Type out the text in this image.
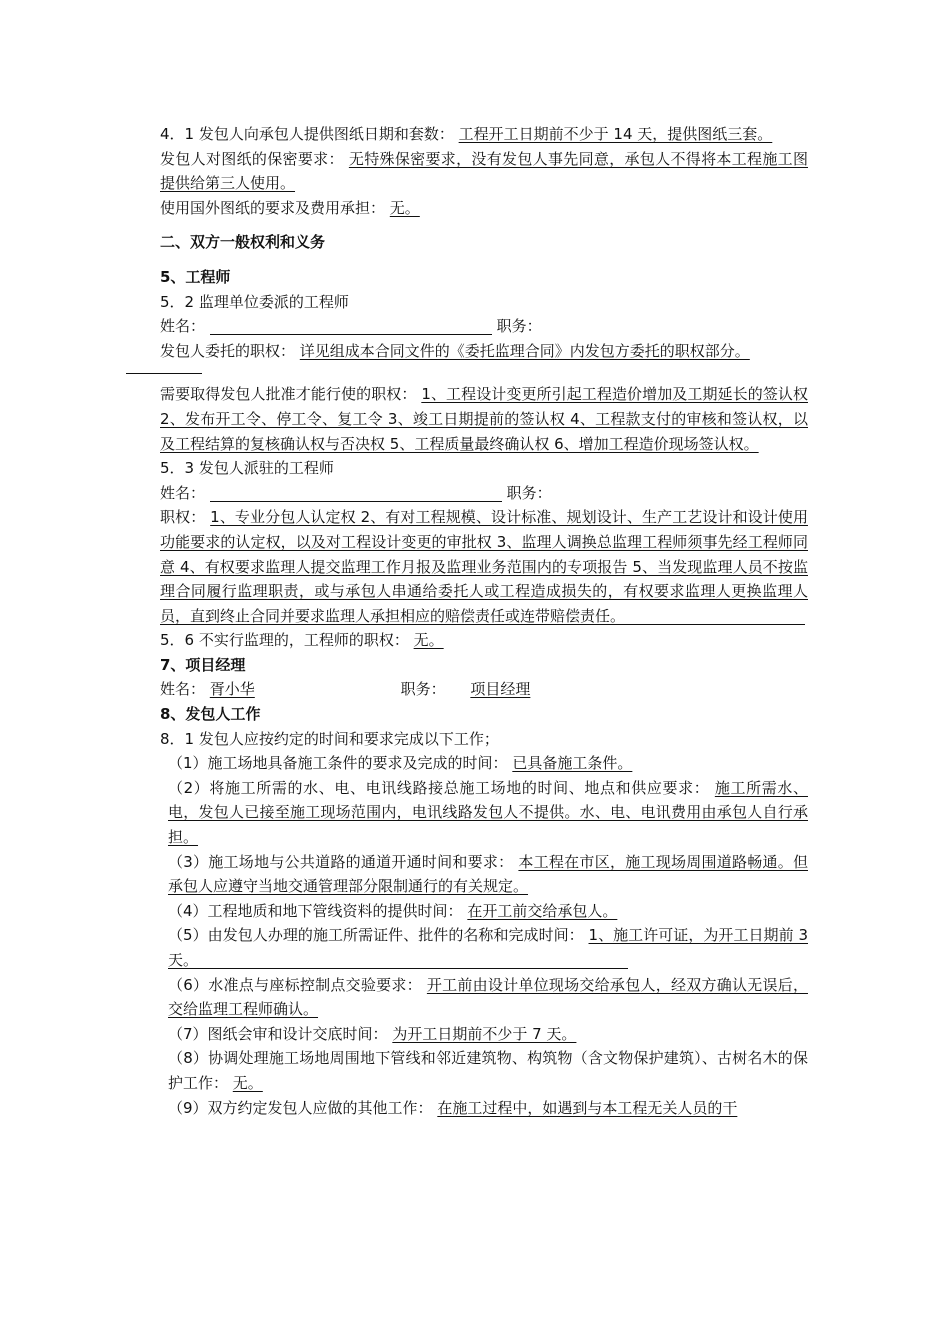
4．1 发包人向承包人提供图纸日期和套数： 工程开工日期前不少于 14 天，提供图纸三套。

发包人对图纸的保密要求： 无特殊保密要求，没有发包人事先同意，承包人不得将本工程施工图提供给第三人使用。

使用国外图纸的要求及费用承担： 无。

二、双方一般权利和义务

5、工程师

5．2 监理单位委派的工程师

姓名：	职务：

发包人委托的职权： 详见组成本合同文件的《委托监理合同》内发包方委托的职权部分。

需要取得发包人批准才能行使的职权： 1、工程设计变更所引起工程造价增加及工期延长的签认权 2、发布开工令、停工令、复工令 3、竣工日期提前的签认权 4、工程款支付的审核和签认权，以及工程结算的复核确认权与否决权 5、工程质量最终确认权 6、增加工程造价现场签认权。

5．3 发包人派驻的工程师

姓名：	职务：

职权： 1、专业分包人认定权 2、有对工程规模、设计标准、规划设计、生产工艺设计和设计使用功能要求的认定权，以及对工程设计变更的审批权 3、监理人调换总监理工程师须事先经工程师同意 4、有权要求监理人提交监理工作月报及监理业务范围内的专项报告 5、当发现监理人员不按监理合同履行监理职责，或与承包人串通给委托人或工程造成损失的，有权要求监理人更换监理人员，直到终止合同并要求监理人承担相应的赔偿责任或连带赔偿责任。

5．6 不实行监理的，工程师的职权： 无。

7、项目经理

姓名： 胥小华	职务： 项目经理

8、发包人工作

8．1 发包人应按约定的时间和要求完成以下工作；

（1）施工场地具备施工条件的要求及完成的时间： 已具备施工条件。

（2）将施工所需的水、电、电讯线路接总施工场地的时间、地点和供应要求： 施工所需水、电，发包人已接至施工现场范围内，电讯线路发包人不提供。水、电、电讯费用由承包人自行承担。

（3）施工场地与公共道路的通道开通时间和要求： 本工程在市区，施工现场周围道路畅通。但承包人应遵守当地交通管理部分限制通行的有关规定。

（4）工程地质和地下管线资料的提供时间： 在开工前交给承包人。

（5）由发包人办理的施工所需证件、批件的名称和完成时间： 1、施工许可证，为开工日期前 3 天。

（6）水准点与座标控制点交验要求： 开工前由设计单位现场交给承包人，经双方确认无误后，交给监理工程师确认。

（7）图纸会审和设计交底时间： 为开工日期前不少于 7 天。

（8）协调处理施工场地周围地下管线和邻近建筑物、构筑物（含文物保护建筑）、古树名木的保护工作： 无。

（9）双方约定发包人应做的其他工作： 在施工过程中，如遇到与本工程无关人员的干
